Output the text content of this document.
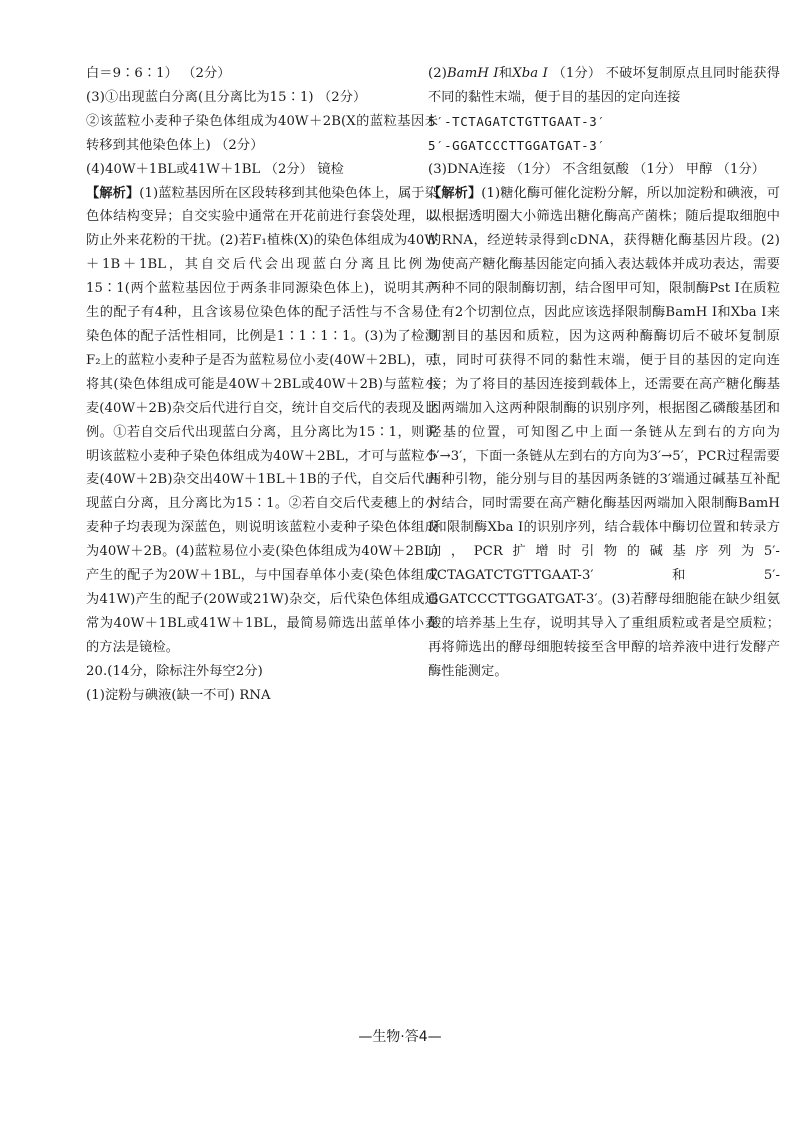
白＝9∶6∶1） （2分）

(3)①出现蓝白分离(且分离比为15∶1) （2分）

②该蓝粒小麦种子染色体组成为40W＋2B(X的蓝粒基因未转移到其他染色体上) （2分）

(4)40W＋1BL或41W＋1BL （2分） 镜检

【解析】(1)蓝粒基因所在区段转移到其他染色体上，属于染色体结构变异；自交实验中通常在开花前进行套袋处理，以防止外来花粉的干扰。(2)若F₁植株(X)的染色体组成为40W＋1B＋1BL，其自交后代会出现蓝白分离且比例为15∶1(两个蓝粒基因位于两条非同源染色体上)，说明其产生的配子有4种，且含该易位染色体的配子活性与不含易位染色体的配子活性相同，比例是1∶1∶1∶1。(3)为了检测F₂上的蓝粒小麦种子是否为蓝粒易位小麦(40W＋2BL)，可将其(染色体组成可能是40W＋2BL或40W＋2B)与蓝粒小麦(40W＋2B)杂交后代进行自交，统计自交后代的表现及比例。①若自交后代出现蓝白分离，且分离比为15∶1，则说明该蓝粒小麦种子染色体组成为40W＋2BL，才可与蓝粒小麦(40W＋2B)杂交出40W＋1BL＋1B的子代，自交后代出现蓝白分离，且分离比为15∶1。②若自交后代麦穗上的小麦种子均表现为深蓝色，则说明该蓝粒小麦种子染色体组成为40W＋2B。(4)蓝粒易位小麦(染色体组成为40W＋2BL)产生的配子为20W＋1BL，与中国春单体小麦(染色体组成为41W)产生的配子(20W或21W)杂交，后代染色体组成通常为40W＋1BL或41W＋1BL，最简易筛选出蓝单体小麦的方法是镜检。

20.(14分，除标注外每空2分)

(1)淀粉与碘液(缺一不可) RNA

(2)BamH Ⅰ和Xba Ⅰ （1分） 不破坏复制原点且同时能获得不同的黏性末端，便于目的基因的定向连接

5′-TCTAGATCTGTTGAAT-3′

5′-GGATCCCTTGGATGAT-3′

(3)DNA连接 （1分） 不含组氨酸 （1分） 甲醇 （1分）

【解析】(1)糖化酶可催化淀粉分解，所以加淀粉和碘液，可以根据透明圈大小筛选出糖化酶高产菌株；随后提取细胞中的RNA，经逆转录得到cDNA，获得糖化酶基因片段。(2)为使高产糖化酶基因能定向插入表达载体并成功表达，需要两种不同的限制酶切割，结合图甲可知，限制酶Pst Ⅰ在质粒上有2个切割位点，因此应该选择限制酶BamH Ⅰ和Xba Ⅰ来切割目的基因和质粒，因为这两种酶酶切后不破坏复制原点，同时可获得不同的黏性末端，便于目的基因的定向连接；为了将目的基因连接到载体上，还需要在高产糖化酶基因两端加入这两种限制酶的识别序列，根据图乙磷酸基团和羟基的位置，可知图乙中上面一条链从左到右的方向为5′→3′，下面一条链从左到右的方向为3′→5′，PCR过程需要两种引物，能分别与目的基因两条链的3′端通过碱基互补配对结合，同时需要在高产糖化酶基因两端加入限制酶BamH Ⅰ和限制酶Xba Ⅰ的识别序列，结合载体中酶切位置和转录方向，PCR扩增时引物的碱基序列为5′-TCTAGATCTGTTGAAT-3′和5′-GGATCCCTTGGATGAT-3′。(3)若酵母细胞能在缺少组氨酸的培养基上生存，说明其导入了重组质粒或者是空质粒；再将筛选出的酵母细胞转接至含甲醇的培养液中进行发酵产酶性能测定。

—生物·答4—
